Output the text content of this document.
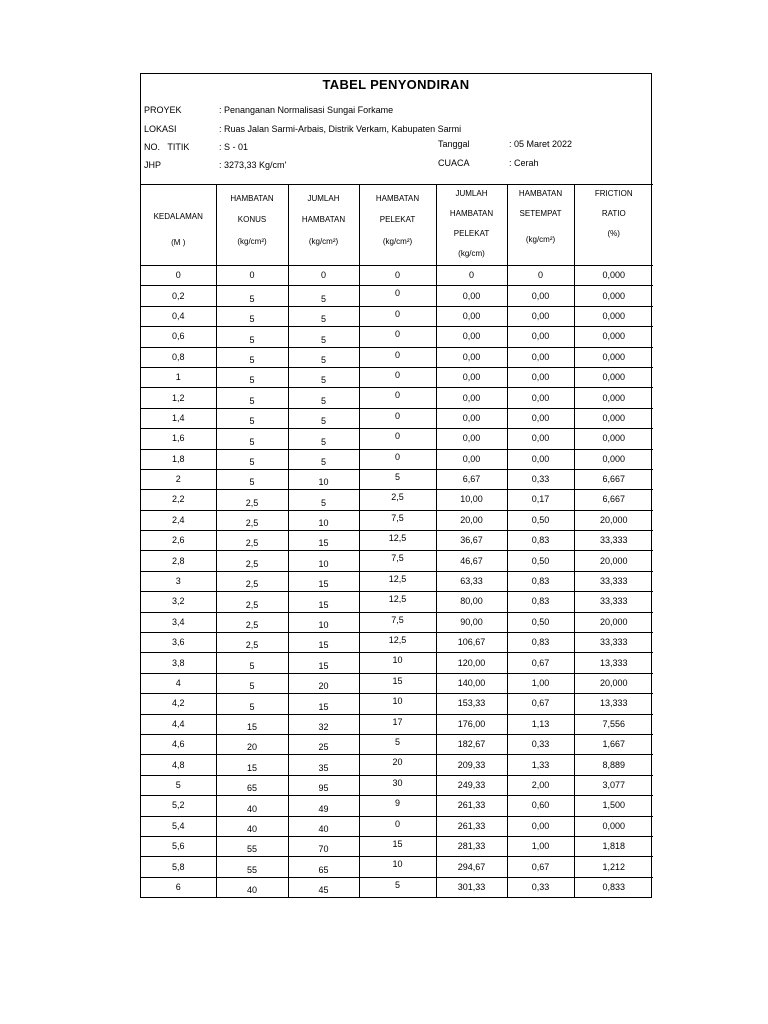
TABEL PENYONDIRAN
PROYEK	: Penanganan Normalisasi Sungai Forkame
LOKASI	: Ruas Jalan Sarmi-Arbais, Distrik Verkam, Kabupaten Sarmi
NO.   TITIK	: S - 01	Tanggal	: 05 Maret 2022
JHP	: 3273,33 Kg/cm'	CUACA	: Cerah
KEDALAMAN
(M )	HAMBATAN
KONUS
(kg/cm²)	JUMLAH
HAMBATAN
(kg/cm²)	HAMBATAN
PELEKAT
(kg/cm²)	JUMLAH
HAMBATAN
PELEKAT
(kg/cm)	HAMBATAN
SETEMPAT
(kg/cm²)	FRICTION
RATIO
(%)

0	0	0	0	0	0	0,000
0,2	5	5	0	0,00	0,00	0,000
0,4	5	5	0	0,00	0,00	0,000
0,6	5	5	0	0,00	0,00	0,000
0,8	5	5	0	0,00	0,00	0,000
1	5	5	0	0,00	0,00	0,000
1,2	5	5	0	0,00	0,00	0,000
1,4	5	5	0	0,00	0,00	0,000
1,6	5	5	0	0,00	0,00	0,000
1,8	5	5	0	0,00	0,00	0,000
2	5	10	5	6,67	0,33	6,667
2,2	2,5	5	2,5	10,00	0,17	6,667
2,4	2,5	10	7,5	20,00	0,50	20,000
2,6	2,5	15	12,5	36,67	0,83	33,333
2,8	2,5	10	7,5	46,67	0,50	20,000
3	2,5	15	12,5	63,33	0,83	33,333
3,2	2,5	15	12,5	80,00	0,83	33,333
3,4	2,5	10	7,5	90,00	0,50	20,000
3,6	2,5	15	12,5	106,67	0,83	33,333
3,8	5	15	10	120,00	0,67	13,333
4	5	20	15	140,00	1,00	20,000
4,2	5	15	10	153,33	0,67	13,333
4,4	15	32	17	176,00	1,13	7,556
4,6	20	25	5	182,67	0,33	1,667
4,8	15	35	20	209,33	1,33	8,889
5	65	95	30	249,33	2,00	3,077
5,2	40	49	9	261,33	0,60	1,500
5,4	40	40	0	261,33	0,00	0,000
5,6	55	70	15	281,33	1,00	1,818
5,8	55	65	10	294,67	0,67	1,212
6	40	45	5	301,33	0,33	0,833
